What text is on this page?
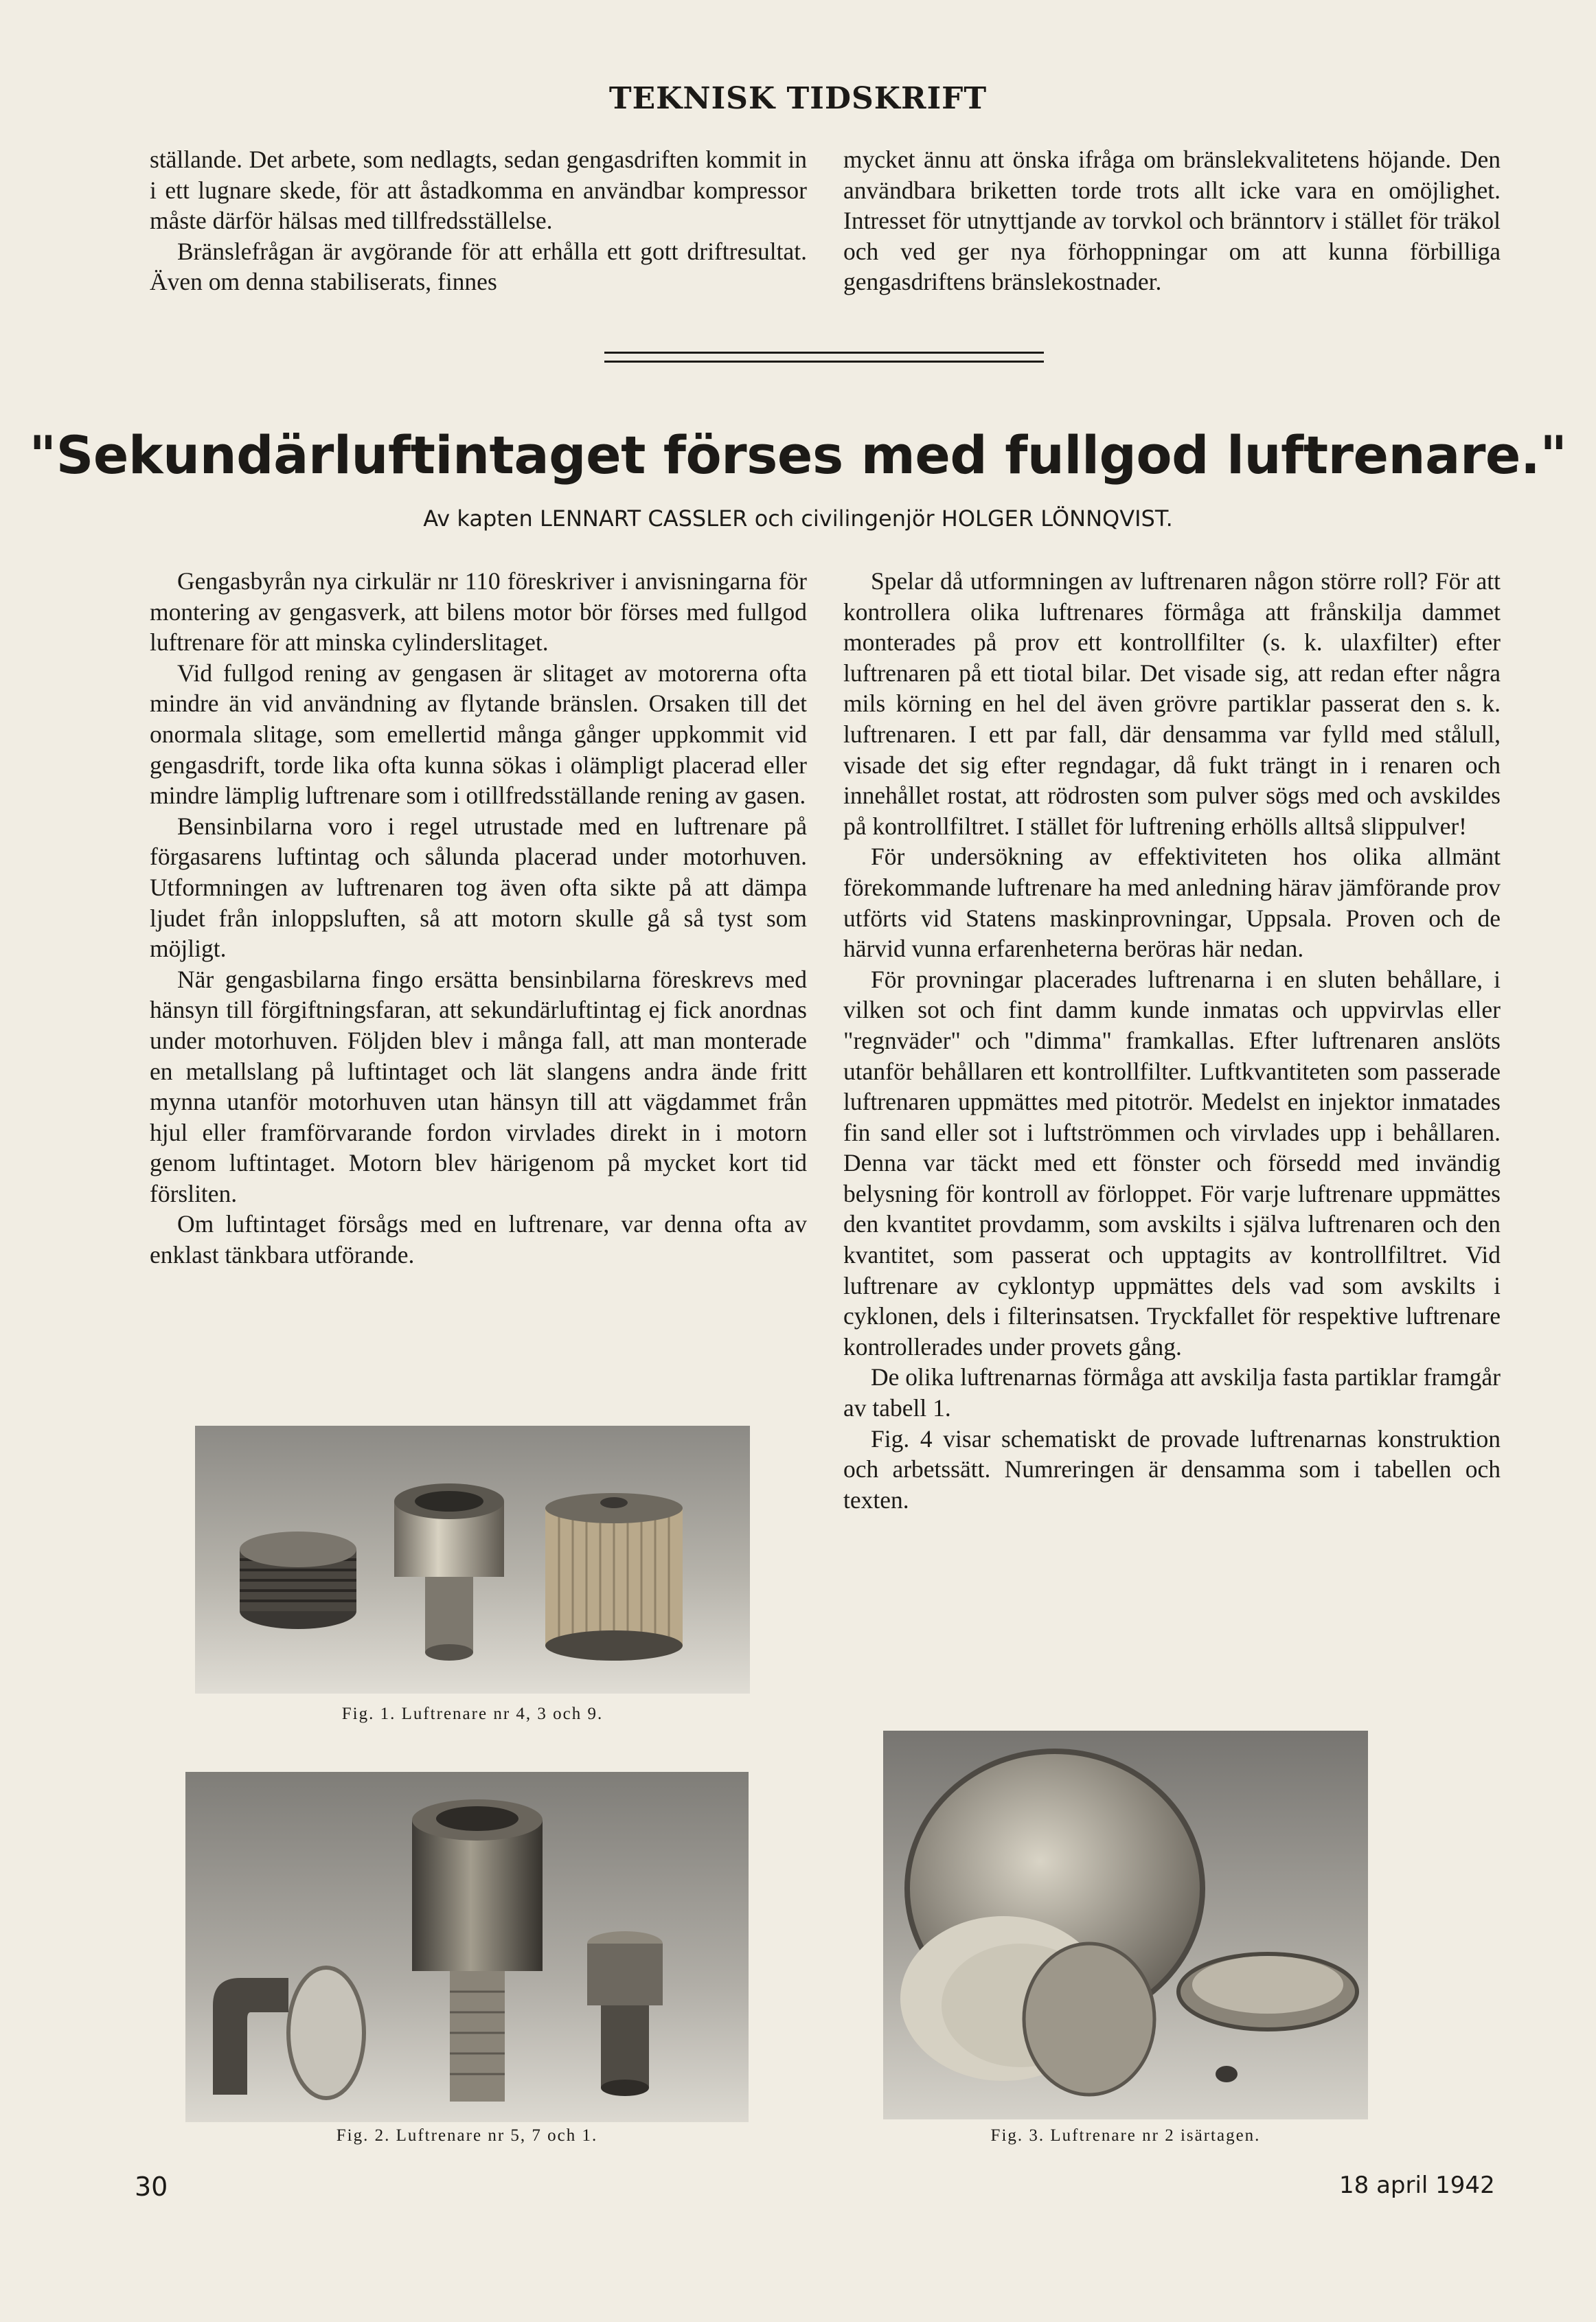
TEKNISK TIDSKRIFT

ställande. Det arbete, som nedlagts, sedan gengasdriften kommit in i ett lugnare skede, för att åstadkomma en användbar kompressor måste därför hälsas med tillfredsställelse.

Bränslefrågan är avgörande för att erhålla ett gott driftresultat. Även om denna stabiliserats, finnes

mycket ännu att önska ifråga om bränslekvalitetens höjande. Den användbara briketten torde trots allt icke vara en omöjlighet. Intresset för utnyttjande av torvkol och bränntorv i stället för träkol och ved ger nya förhoppningar om att kunna förbilliga gengasdriftens bränslekostnader.

"Sekundärluftintaget förses med fullgod luftrenare."
Av kapten LENNART CASSLER och civilingenjör HOLGER LÖNNQVIST.

Gengasbyrån nya cirkulär nr 110 föreskriver i anvisningarna för montering av gengasverk, att bilens motor bör förses med fullgod luftrenare för att minska cylinderslitaget.

Vid fullgod rening av gengasen är slitaget av motorerna ofta mindre än vid användning av flytande bränslen. Orsaken till det onormala slitage, som emellertid många gånger uppkommit vid gengasdrift, torde lika ofta kunna sökas i olämpligt placerad eller mindre lämplig luftrenare som i otillfredsställande rening av gasen.

Bensinbilarna voro i regel utrustade med en luftrenare på förgasarens luftintag och sålunda placerad under motorhuven. Utformningen av luftrenaren tog även ofta sikte på att dämpa ljudet från inloppsluften, så att motorn skulle gå så tyst som möjligt.

När gengasbilarna fingo ersätta bensinbilarna föreskrevs med hänsyn till förgiftningsfaran, att sekundärluftintag ej fick anordnas under motorhuven. Följden blev i många fall, att man monterade en metallslang på luftintaget och lät slangens andra ände fritt mynna utanför motorhuven utan hänsyn till att vägdammet från hjul eller framförvarande fordon virvlades direkt in i motorn genom luftintaget. Motorn blev härigenom på mycket kort tid försliten.

Om luftintaget försågs med en luftrenare, var denna ofta av enklast tänkbara utförande.

Spelar då utformningen av luftrenaren någon större roll? För att kontrollera olika luftrenares förmåga att frånskilja dammet monterades på prov ett kontrollfilter (s. k. ulaxfilter) efter luftrenaren på ett tiotal bilar. Det visade sig, att redan efter några mils körning en hel del även grövre partiklar passerat den s. k. luftrenaren. I ett par fall, där densamma var fylld med stålull, visade det sig efter regndagar, då fukt trängt in i renaren och innehållet rostat, att rödrosten som pulver sögs med och avskildes på kontrollfiltret. I stället för luftrening erhölls alltså slippulver!

För undersökning av effektiviteten hos olika allmänt förekommande luftrenare ha med anledning härav jämförande prov utförts vid Statens maskinprovningar, Uppsala. Proven och de härvid vunna erfarenheterna beröras här nedan.

För provningar placerades luftrenarna i en sluten behållare, i vilken sot och fint damm kunde inmatas och uppvirvlas eller "regnväder" och "dimma" framkallas. Efter luftrenaren anslöts utanför behållaren ett kontrollfilter. Luftkvantiteten som passerade luftrenaren uppmättes med pitotrör. Medelst en injektor inmatades fin sand eller sot i luftströmmen och virvlades upp i behållaren. Denna var täckt med ett fönster och försedd med invändig belysning för kontroll av förloppet. För varje luftrenare uppmättes den kvantitet provdamm, som avskilts i själva luftrenaren och den kvantitet, som passerat och upptagits av kontrollfiltret. Vid luftrenare av cyklontyp uppmättes dels vad som avskilts i cyklonen, dels i filterinsatsen. Tryckfallet för respektive luftrenare kontrollerades under provets gång.

De olika luftrenarnas förmåga att avskilja fasta partiklar framgår av tabell 1.

Fig. 4 visar schematiskt de provade luftrenarnas konstruktion och arbetssätt. Numreringen är densamma som i tabellen och texten.

Fig. 1. Luftrenare nr 4, 3 och 9.
Fig. 2. Luftrenare nr 5, 7 och 1.	Fig. 3. Luftrenare nr 2 isärtagen.
30	18 april 1942
